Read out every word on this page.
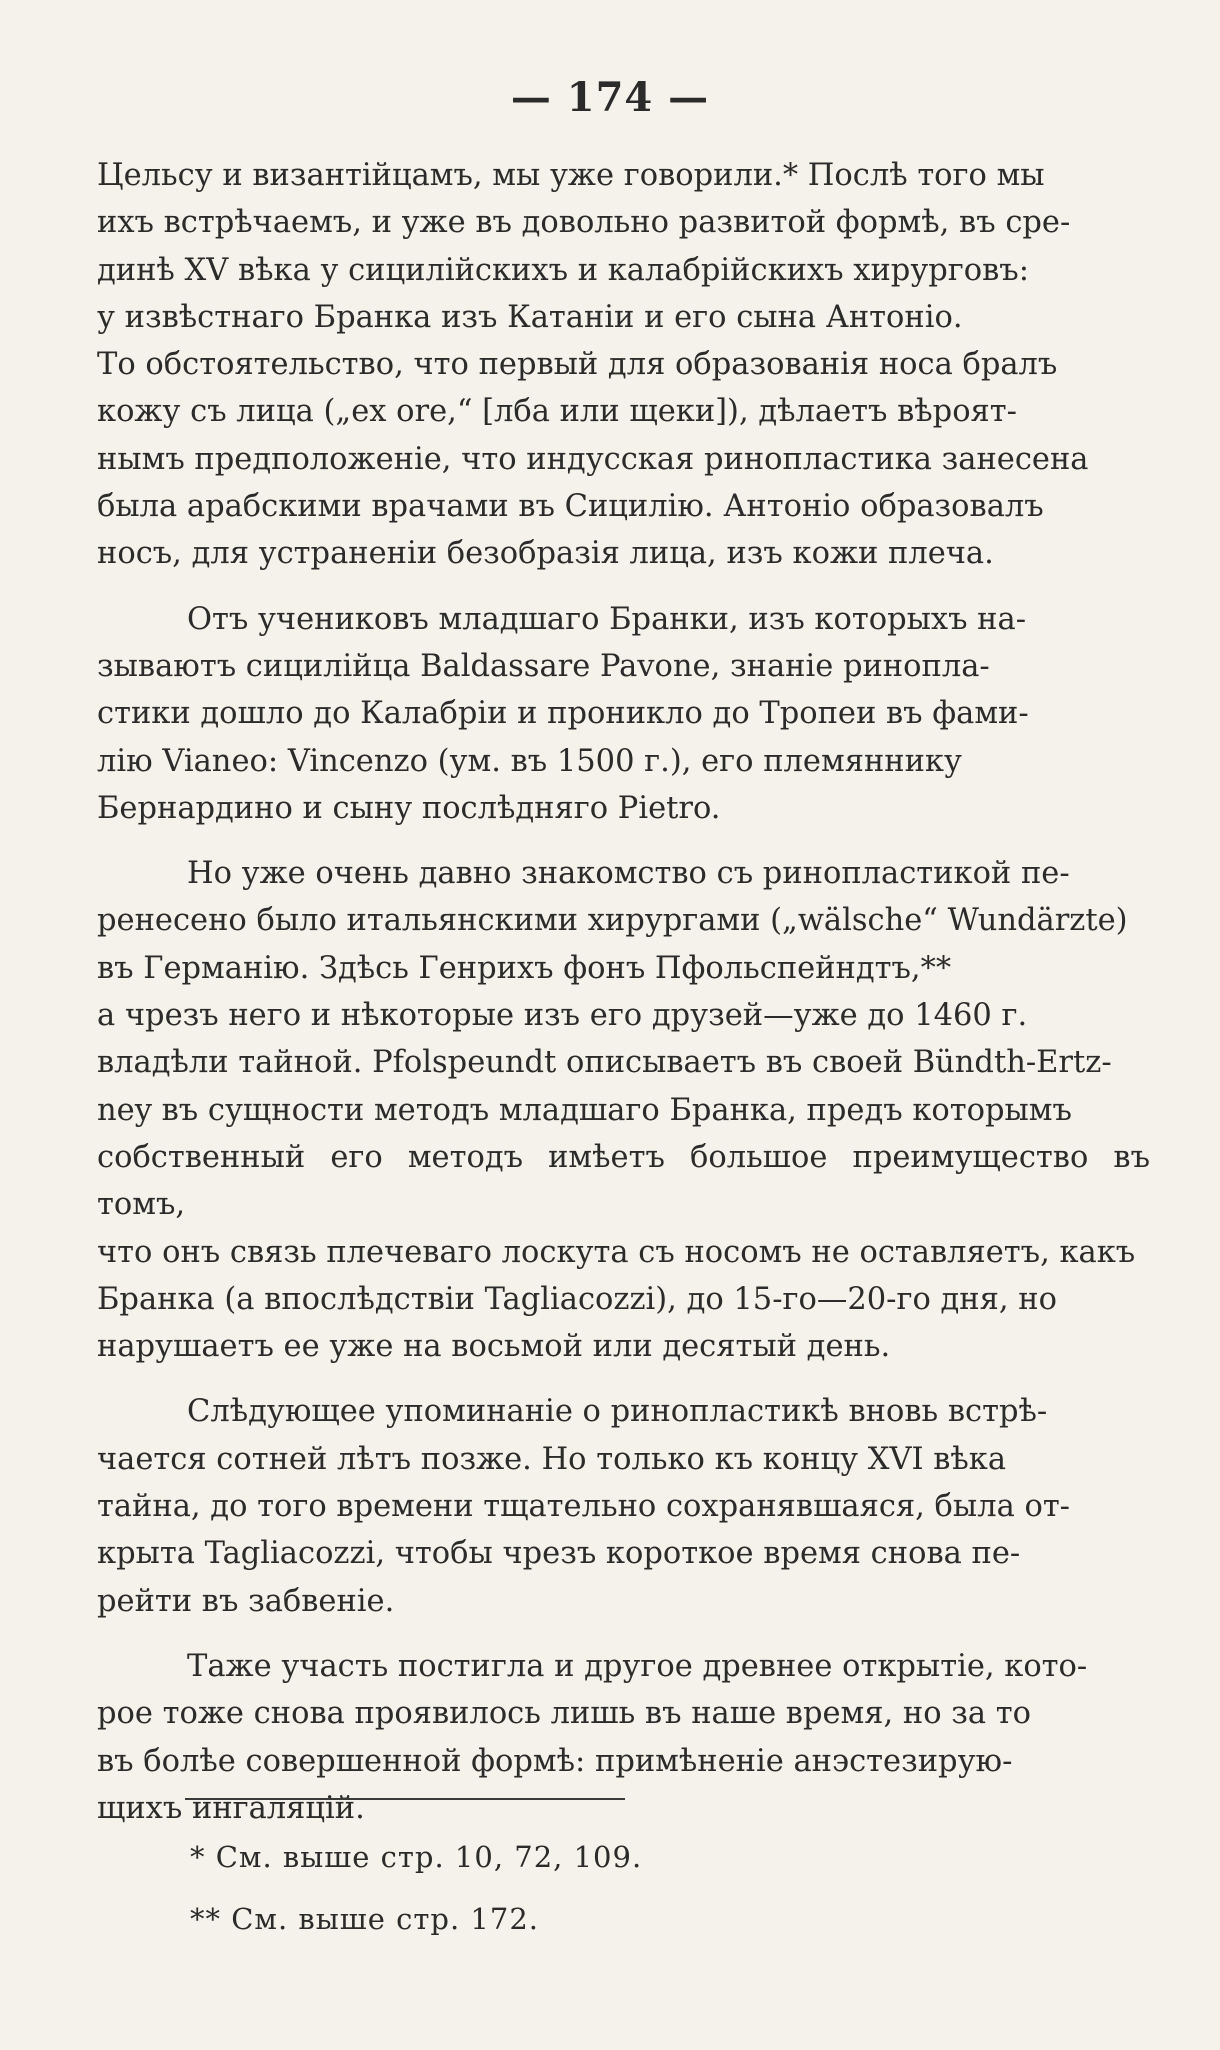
— 174 —

Цельсу и византійцамъ, мы уже говорили.* Послѣ того мы
ихъ встрѣчаемъ, и уже въ довольно развитой формѣ, въ сре-
динѣ XV вѣка у сицилійскихъ и калабрійскихъ хирурговъ:
у извѣстнаго Бранка изъ Катаніи и его сына Антоніо.
То обстоятельство, что первый для образованія носа бралъ
кожу съ лица („ex ore,“ [лба или щеки]), дѣлаетъ вѣроят-
нымъ предположеніе, что индусская ринопластика занесена
была арабскими врачами въ Сицилію. Антоніо образовалъ
носъ, для устраненіи безобразія лица, изъ кожи плеча.

Отъ учениковъ младшаго Бранки, изъ которыхъ на-
зываютъ сицилійца Baldassare Pavone, знаніе ринопла-
стики дошло до Калабріи и проникло до Тропеи въ фами-
лію Vianeo: Vincenzo (ум. въ 1500 г.), его племяннику
Бернардино и сыну послѣдняго Pietro.

Но уже очень давно знакомство съ ринопластикой пе-
ренесено было итальянскими хирургами („wälsche“ Wundärzte)
въ Германію. Здѣсь Генрихъ фонъ Пфольспейндтъ,**
а чрезъ него и нѣкоторые изъ его друзей—уже до 1460 г.
владѣли тайной. Pfolspeundt описываетъ въ своей Bündth-Ertz-
ney въ сущности методъ младшаго Бранка, предъ которымъ
собственный его методъ имѣетъ большое преимущество въ томъ,
что онъ связь плечеваго лоскута съ носомъ не оставляетъ, какъ
Бранка (а впослѣдствіи Tagliacozzi), до 15-го—20-го дня, но
нарушаетъ ее уже на восьмой или десятый день.

Слѣдующее упоминаніе о ринопластикѣ вновь встрѣ-
чается сотней лѣтъ позже. Но только къ концу XVI вѣка
тайна, до того времени тщательно сохранявшаяся, была от-
крыта Tagliacozzi, чтобы чрезъ короткое время снова пе-
рейти въ забвеніе.

Таже участь постигла и другое древнее открытіе, кото-
рое тоже снова проявилось лишь въ наше время, но за то
въ болѣе совершенной формѣ: примѣненіе анэстезирую-
щихъ ингаляцій.

* См. выше стр. 10, 72, 109.
** См. выше стр. 172.
